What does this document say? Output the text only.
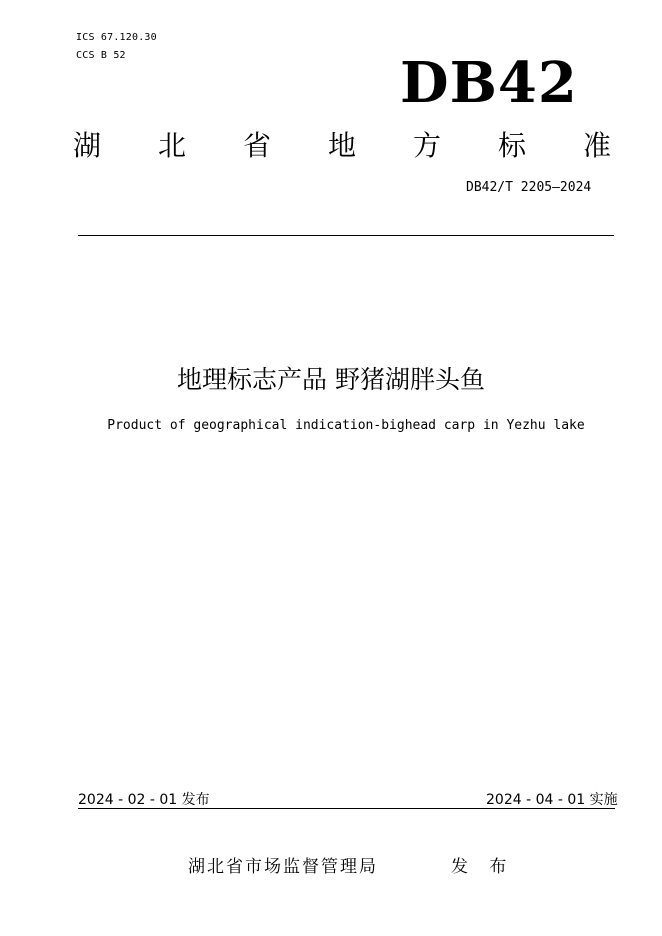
ICS 67.120.30
CCS B 52	DB42
湖 北 省 地 方 标 准
DB42/T 2205—2024
地理标志产品 野猪湖胖头鱼
Product of geographical indication-bighead carp in Yezhu lake
2024 - 02 - 01 发布	2024 - 04 - 01 实施
湖北省市场监督管理局	发 布
